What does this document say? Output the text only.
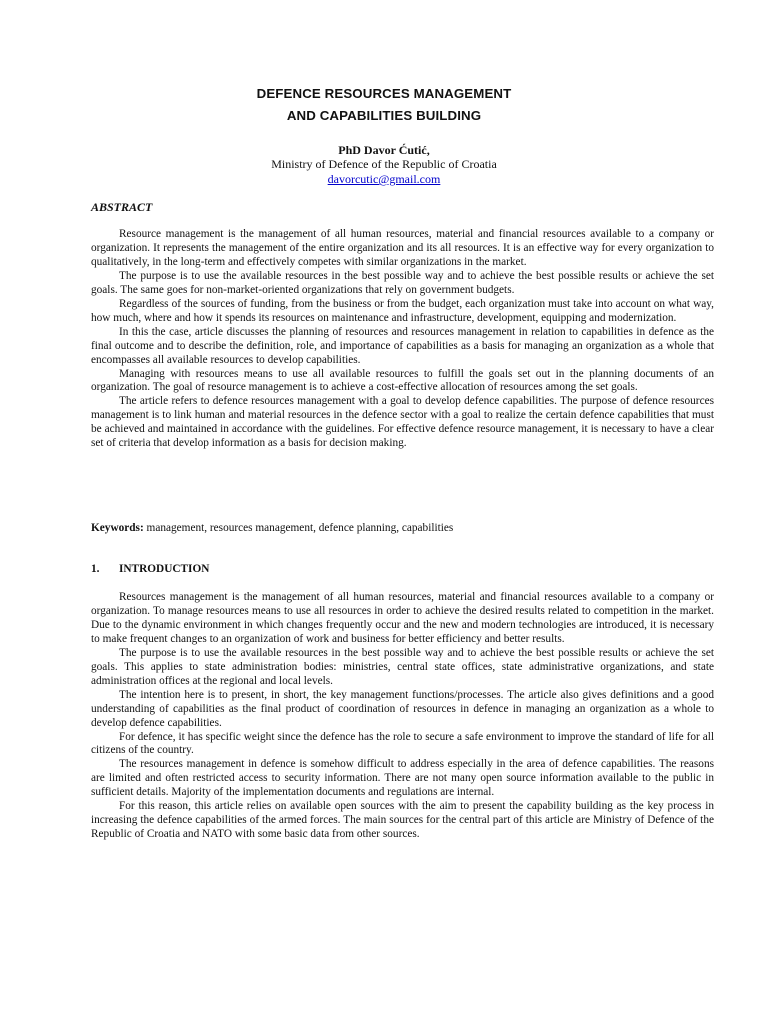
DEFENCE RESOURCES MANAGEMENT
AND CAPABILITIES BUILDING
PhD Davor Ćutić,
Ministry of Defence of the Republic of Croatia
davorcutic@gmail.com
ABSTRACT

Resource management is the management of all human resources, material and financial resources available to a company or organization. It represents the management of the entire organization and its all resources. It is an effective way for every organization to qualitatively, in the long-term and effectively competes with similar organizations in the market.

The purpose is to use the available resources in the best possible way and to achieve the best possible results or achieve the set goals. The same goes for non-market-oriented organizations that rely on government budgets.

Regardless of the sources of funding, from the business or from the budget, each organization must take into account on what way, how much, where and how it spends its resources on maintenance and infrastructure, development, equipping and modernization.

In this the case, article discusses the planning of resources and resources management in relation to capabilities in defence as the final outcome and to describe the definition, role, and importance of capabilities as a basis for managing an organization as a whole that encompasses all available resources to develop capabilities.

Managing with resources means to use all available resources to fulfill the goals set out in the planning documents of an organization. The goal of resource management is to achieve a cost-effective allocation of resources among the set goals.

The article refers to defence resources management with a goal to develop defence capabilities. The purpose of defence resources management is to link human and material resources in the defence sector with a goal to realize the certain defence capabilities that must be achieved and maintained in accordance with the guidelines. For effective defence resource management, it is necessary to have a clear set of criteria that develop information as a basis for decision making.

Keywords: management, resources management, defence planning, capabilities
1. INTRODUCTION

Resources management is the management of all human resources, material and financial resources available to a company or organization. To manage resources means to use all resources in order to achieve the desired results related to competition in the market. Due to the dynamic environment in which changes frequently occur and the new and modern technologies are introduced, it is necessary to make frequent changes to an organization of work and business for better efficiency and better results.

The purpose is to use the available resources in the best possible way and to achieve the best possible results or achieve the set goals. This applies to state administration bodies: ministries, central state offices, state administrative organizations, and state administration offices at the regional and local levels.

The intention here is to present, in short, the key management functions/processes. The article also gives definitions and a good understanding of capabilities as the final product of coordination of resources in defence in managing an organization as a whole to develop defence capabilities.

For defence, it has specific weight since the defence has the role to secure a safe environment to improve the standard of life for all citizens of the country.

The resources management in defence is somehow difficult to address especially in the area of defence capabilities. The reasons are limited and often restricted access to security information. There are not many open source information available to the public in sufficient details. Majority of the implementation documents and regulations are internal.

For this reason, this article relies on available open sources with the aim to present the capability building as the key process in increasing the defence capabilities of the armed forces. The main sources for the central part of this article are Ministry of Defence of the Republic of Croatia and NATO with some basic data from other sources.
